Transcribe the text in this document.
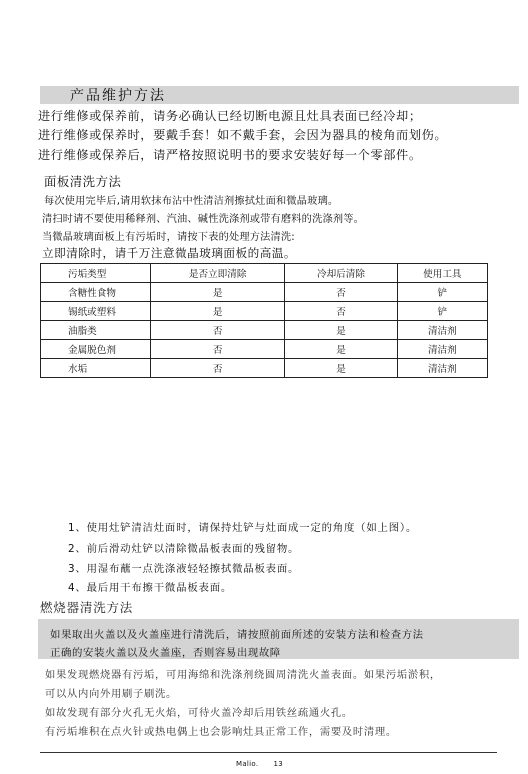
产品维护方法
进行维修或保养前，请务必确认已经切断电源且灶具表面已经冷却；
进行维修或保养时，要戴手套！如不戴手套，会因为器具的棱角而划伤。
进行维修或保养后，请严格按照说明书的要求安装好每一个零部件。
面板清洗方法
每次使用完毕后,请用软抹布沾中性清洁剂擦拭灶面和微晶玻璃。
清扫时请不要使用稀释剂、汽油、碱性洗涤剂或带有磨料的洗涤剂等。
当微晶玻璃面板上有污垢时，请按下表的处理方法清洗:
立即清除时，请千万注意微晶玻璃面板的高温。
污垢类型	是否立即清除	冷却后清除	使用工具
含糖性食物	是	否	铲
锡纸或塑料	是	否	铲
油脂类	否	是	清洁剂
金属脱色剂	否	是	清洁剂
水垢	否	是	清洁剂
1、使用灶铲清洁灶面时，请保持灶铲与灶面成一定的角度（如上图）。
2、前后滑动灶铲以清除微晶板表面的残留物。
3、用湿布蘸一点洗涤液轻轻擦拭微晶板表面。
4、最后用干布擦干微晶板表面。
燃烧器清洗方法
如果取出火盖以及火盖座进行清洗后，请按照前面所述的安装方法和检查方法
正确的安装火盖以及火盖座，否则容易出现故障
如果发现燃烧器有污垢，可用海绵和洗涤剂绕圆周清洗火盖表面。如果污垢淤积，
可以从内向外用刷子刷洗。
如故发现有部分火孔无火焰，可待火盖冷却后用铁丝疏通火孔。
有污垢堆积在点火针或热电偶上也会影响灶具正常工作，需要及时清理。
Malio. 13
